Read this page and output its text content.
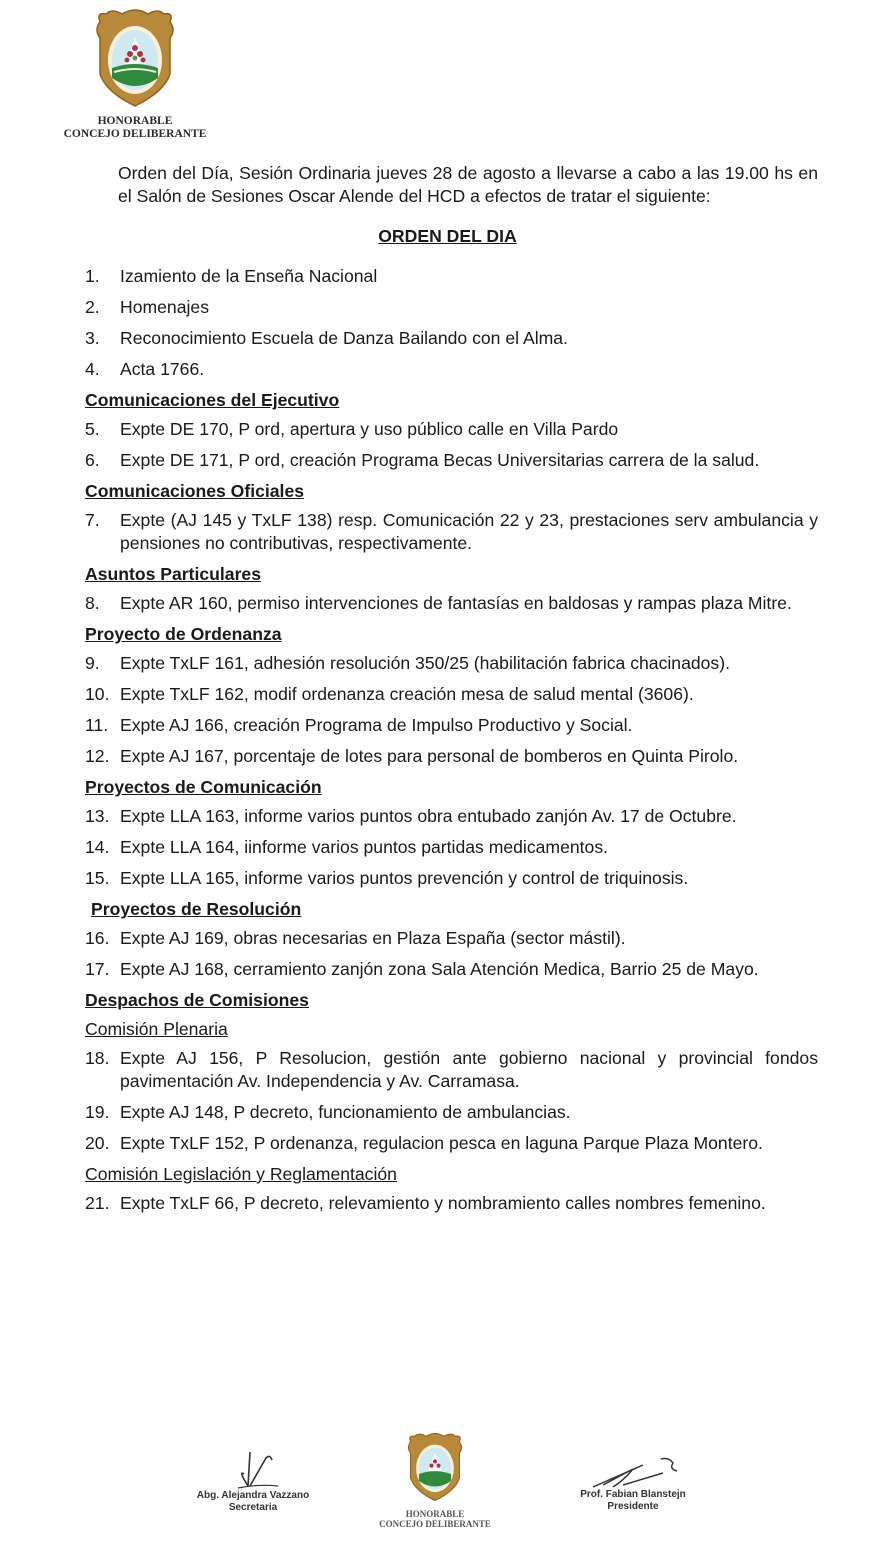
HONORABLE
CONCEJO DELIBERANTE
Orden del Día, Sesión Ordinaria jueves 28 de agosto a llevarse a cabo a las 19.00 hs en el Salón de Sesiones Oscar Alende del HCD a efectos de tratar el siguiente:
ORDEN DEL DIA
1.	Izamiento de la Enseña Nacional
2.	Homenajes
3.	Reconocimiento Escuela de Danza Bailando con el Alma.
4.	Acta 1766.
Comunicaciones del Ejecutivo
5.	Expte DE 170, P ord, apertura y uso público calle en Villa Pardo
6.	Expte DE 171, P ord, creación Programa Becas Universitarias carrera de la salud.
Comunicaciones Oficiales
7.	Expte (AJ 145 y TxLF 138) resp. Comunicación 22 y 23, prestaciones serv ambulancia y pensiones no contributivas, respectivamente.
Asuntos Particulares
8.	Expte AR 160, permiso intervenciones de fantasías en baldosas y rampas plaza Mitre.
Proyecto de Ordenanza
9.	Expte TxLF 161, adhesión resolución 350/25 (habilitación fabrica chacinados).
10. Expte TxLF 162, modif ordenanza creación mesa de salud mental (3606).
11. Expte AJ 166, creación Programa de Impulso Productivo y Social.
12. Expte AJ 167, porcentaje de lotes para personal de bomberos en Quinta Pirolo.
Proyectos de Comunicación
13. Expte LLA 163, informe varios puntos obra entubado zanjón Av. 17 de Octubre.
14. Expte LLA 164, iinforme varios puntos partidas medicamentos.
15. Expte LLA 165, informe varios puntos prevención y control de triquinosis.
Proyectos de Resolución
16. Expte AJ 169, obras necesarias en Plaza España (sector mástil).
17. Expte AJ 168, cerramiento zanjón zona Sala Atención Medica, Barrio 25 de Mayo.
Despachos de Comisiones
Comisión Plenaria
18. Expte AJ 156, P Resolucion, gestión ante gobierno nacional y provincial fondos pavimentación Av. Independencia y Av. Carramasa.
19. Expte AJ 148, P decreto, funcionamiento de ambulancias.
20. Expte TxLF 152, P ordenanza, regulacion pesca en laguna Parque Plaza Montero.
Comisión Legislación y Reglamentación
21. Expte TxLF 66, P decreto, relevamiento y nombramiento calles nombres femenino.
Abg. Alejandra Vazzano
Secretaria
HONORABLE
CONCEJO DELIBERANTE
Prof. Fabian Blanstejn
Presidente
